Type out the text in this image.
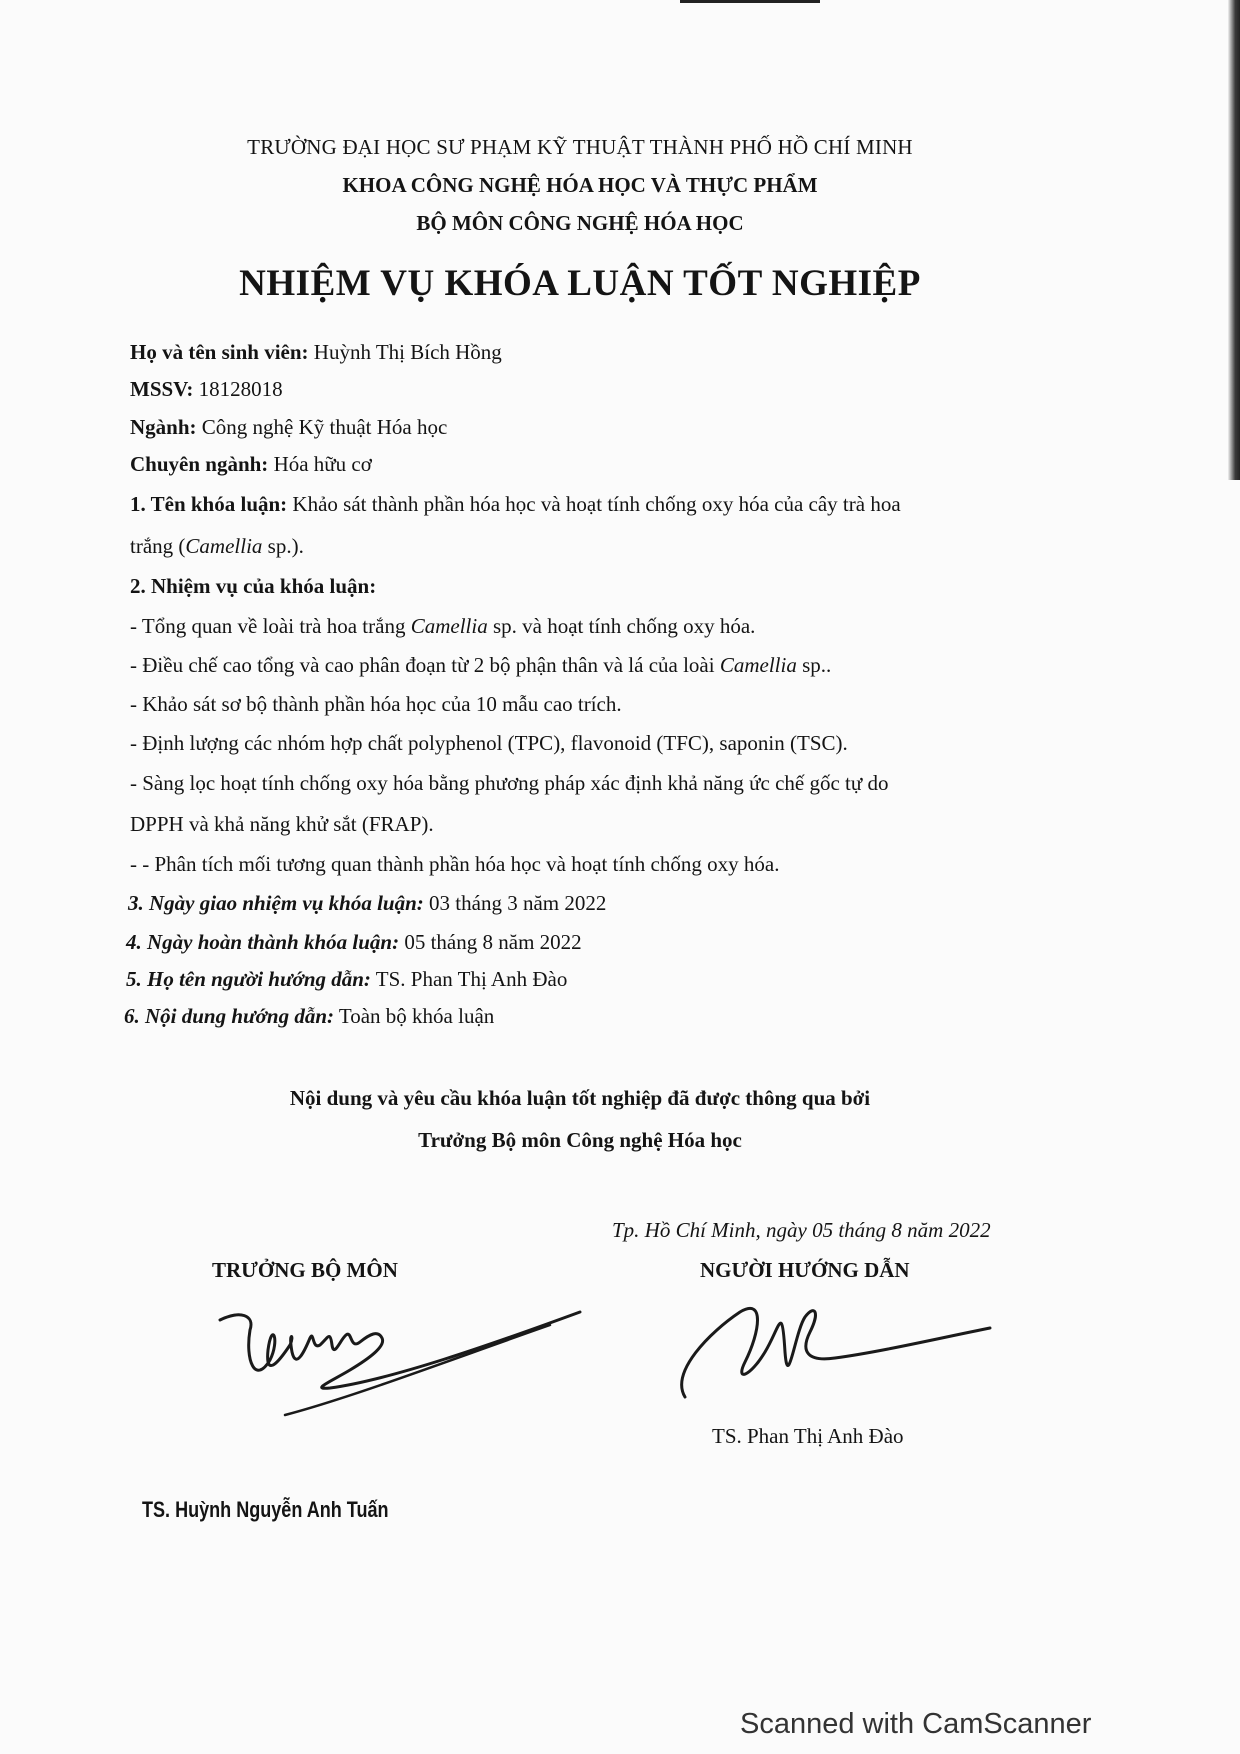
TRƯỜNG ĐẠI HỌC SƯ PHẠM KỸ THUẬT THÀNH PHỐ HỒ CHÍ MINH
KHOA CÔNG NGHỆ HÓA HỌC VÀ THỰC PHẨM
BỘ MÔN CÔNG NGHỆ HÓA HỌC
NHIỆM VỤ KHÓA LUẬN TỐT NGHIỆP
Họ và tên sinh viên: Huỳnh Thị Bích Hồng
MSSV: 18128018
Ngành: Công nghệ Kỹ thuật Hóa học
Chuyên ngành: Hóa hữu cơ
1. Tên khóa luận: Khảo sát thành phần hóa học và hoạt tính chống oxy hóa của cây trà hoa
trắng (Camellia sp.).
2. Nhiệm vụ của khóa luận:
- Tổng quan về loài trà hoa trắng Camellia sp. và hoạt tính chống oxy hóa.
- Điều chế cao tổng và cao phân đoạn từ 2 bộ phận thân và lá của loài Camellia sp..
- Khảo sát sơ bộ thành phần hóa học của 10 mẫu cao trích.
- Định lượng các nhóm hợp chất polyphenol (TPC), flavonoid (TFC), saponin (TSC).
- Sàng lọc hoạt tính chống oxy hóa bằng phương pháp xác định khả năng ức chế gốc tự do
DPPH và khả năng khử sắt (FRAP).
- - Phân tích mối tương quan thành phần hóa học và hoạt tính chống oxy hóa.
3. Ngày giao nhiệm vụ khóa luận: 03 tháng 3 năm 2022
4. Ngày hoàn thành khóa luận: 05 tháng 8 năm 2022
5. Họ tên người hướng dẫn: TS. Phan Thị Anh Đào
6. Nội dung hướng dẫn: Toàn bộ khóa luận
Nội dung và yêu cầu khóa luận tốt nghiệp đã được thông qua bởi
Trưởng Bộ môn Công nghệ Hóa học
Tp. Hồ Chí Minh, ngày 05 tháng 8 năm 2022
TRƯỞNG BỘ MÔN	NGƯỜI HƯỚNG DẪN
TS. Phan Thị Anh Đào
TS. Huỳnh Nguyễn Anh Tuấn
Scanned with CamScanner
